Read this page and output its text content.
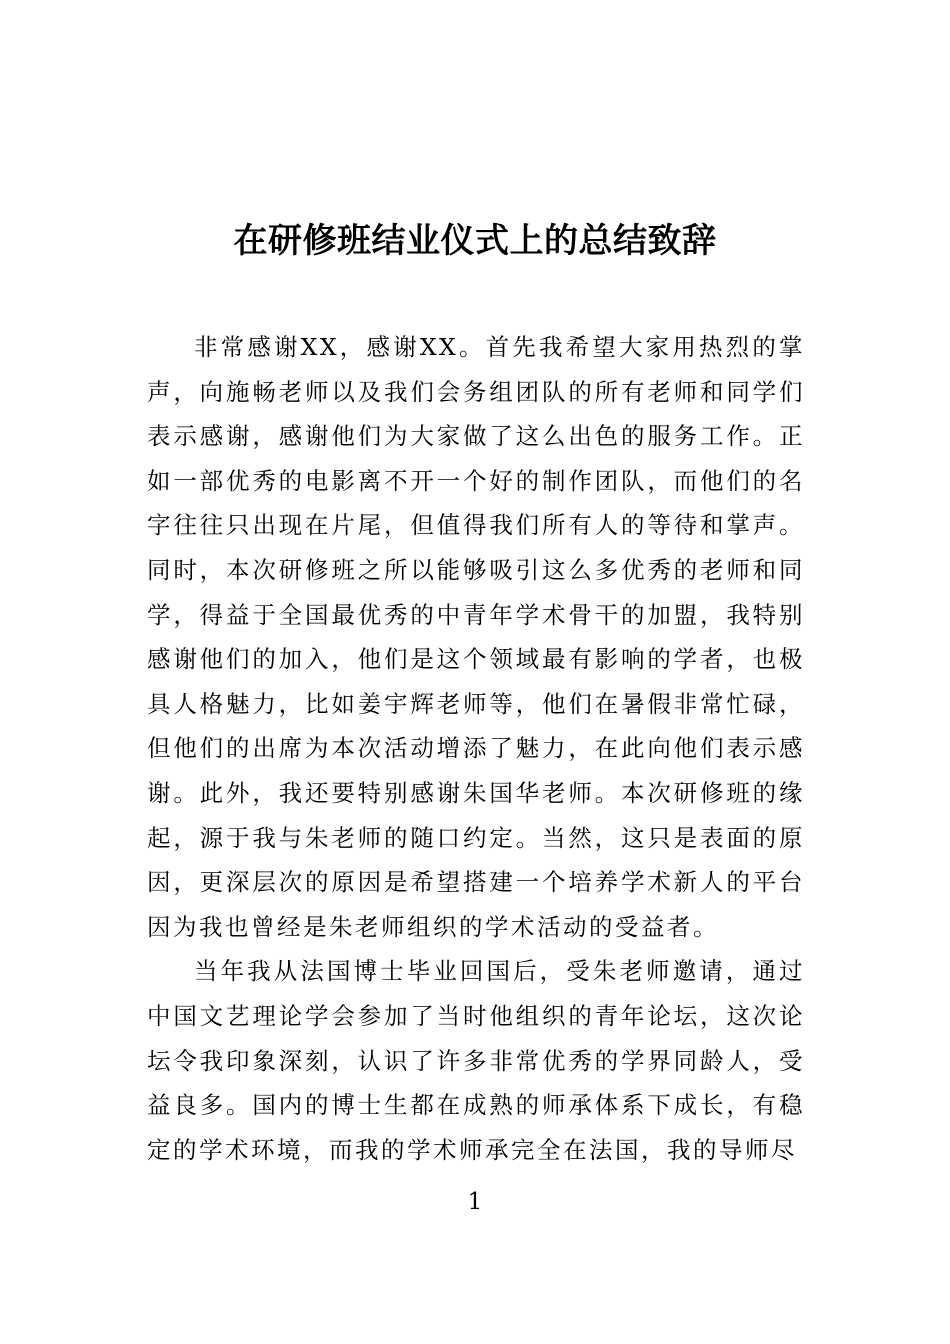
在研修班结业仪式上的总结致辞

非常感谢XX，感谢XX。首先我希望大家用热烈的掌声，向施畅老师以及我们会务组团队的所有老师和同学们表示感谢，感谢他们为大家做了这么出色的服务工作。正如一部优秀的电影离不开一个好的制作团队，而他们的名字往往只出现在片尾，但值得我们所有人的等待和掌声。同时，本次研修班之所以能够吸引这么多优秀的老师和同学，得益于全国最优秀的中青年学术骨干的加盟，我特别感谢他们的加入，他们是这个领域最有影响的学者，也极具人格魅力，比如姜宇辉老师等，他们在暑假非常忙碌，但他们的出席为本次活动增添了魅力，在此向他们表示感谢。此外，我还要特别感谢朱国华老师。本次研修班的缘起，源于我与朱老师的随口约定。当然，这只是表面的原因，更深层次的原因是希望搭建一个培养学术新人的平台因为我也曾经是朱老师组织的学术活动的受益者。

当年我从法国博士毕业回国后，受朱老师邀请，通过中国文艺理论学会参加了当时他组织的青年论坛，这次论坛令我印象深刻，认识了许多非常优秀的学界同龄人，受益良多。国内的博士生都在成熟的师承体系下成长，有稳定的学术环境，而我的学术师承完全在法国，我的导师尽

1
